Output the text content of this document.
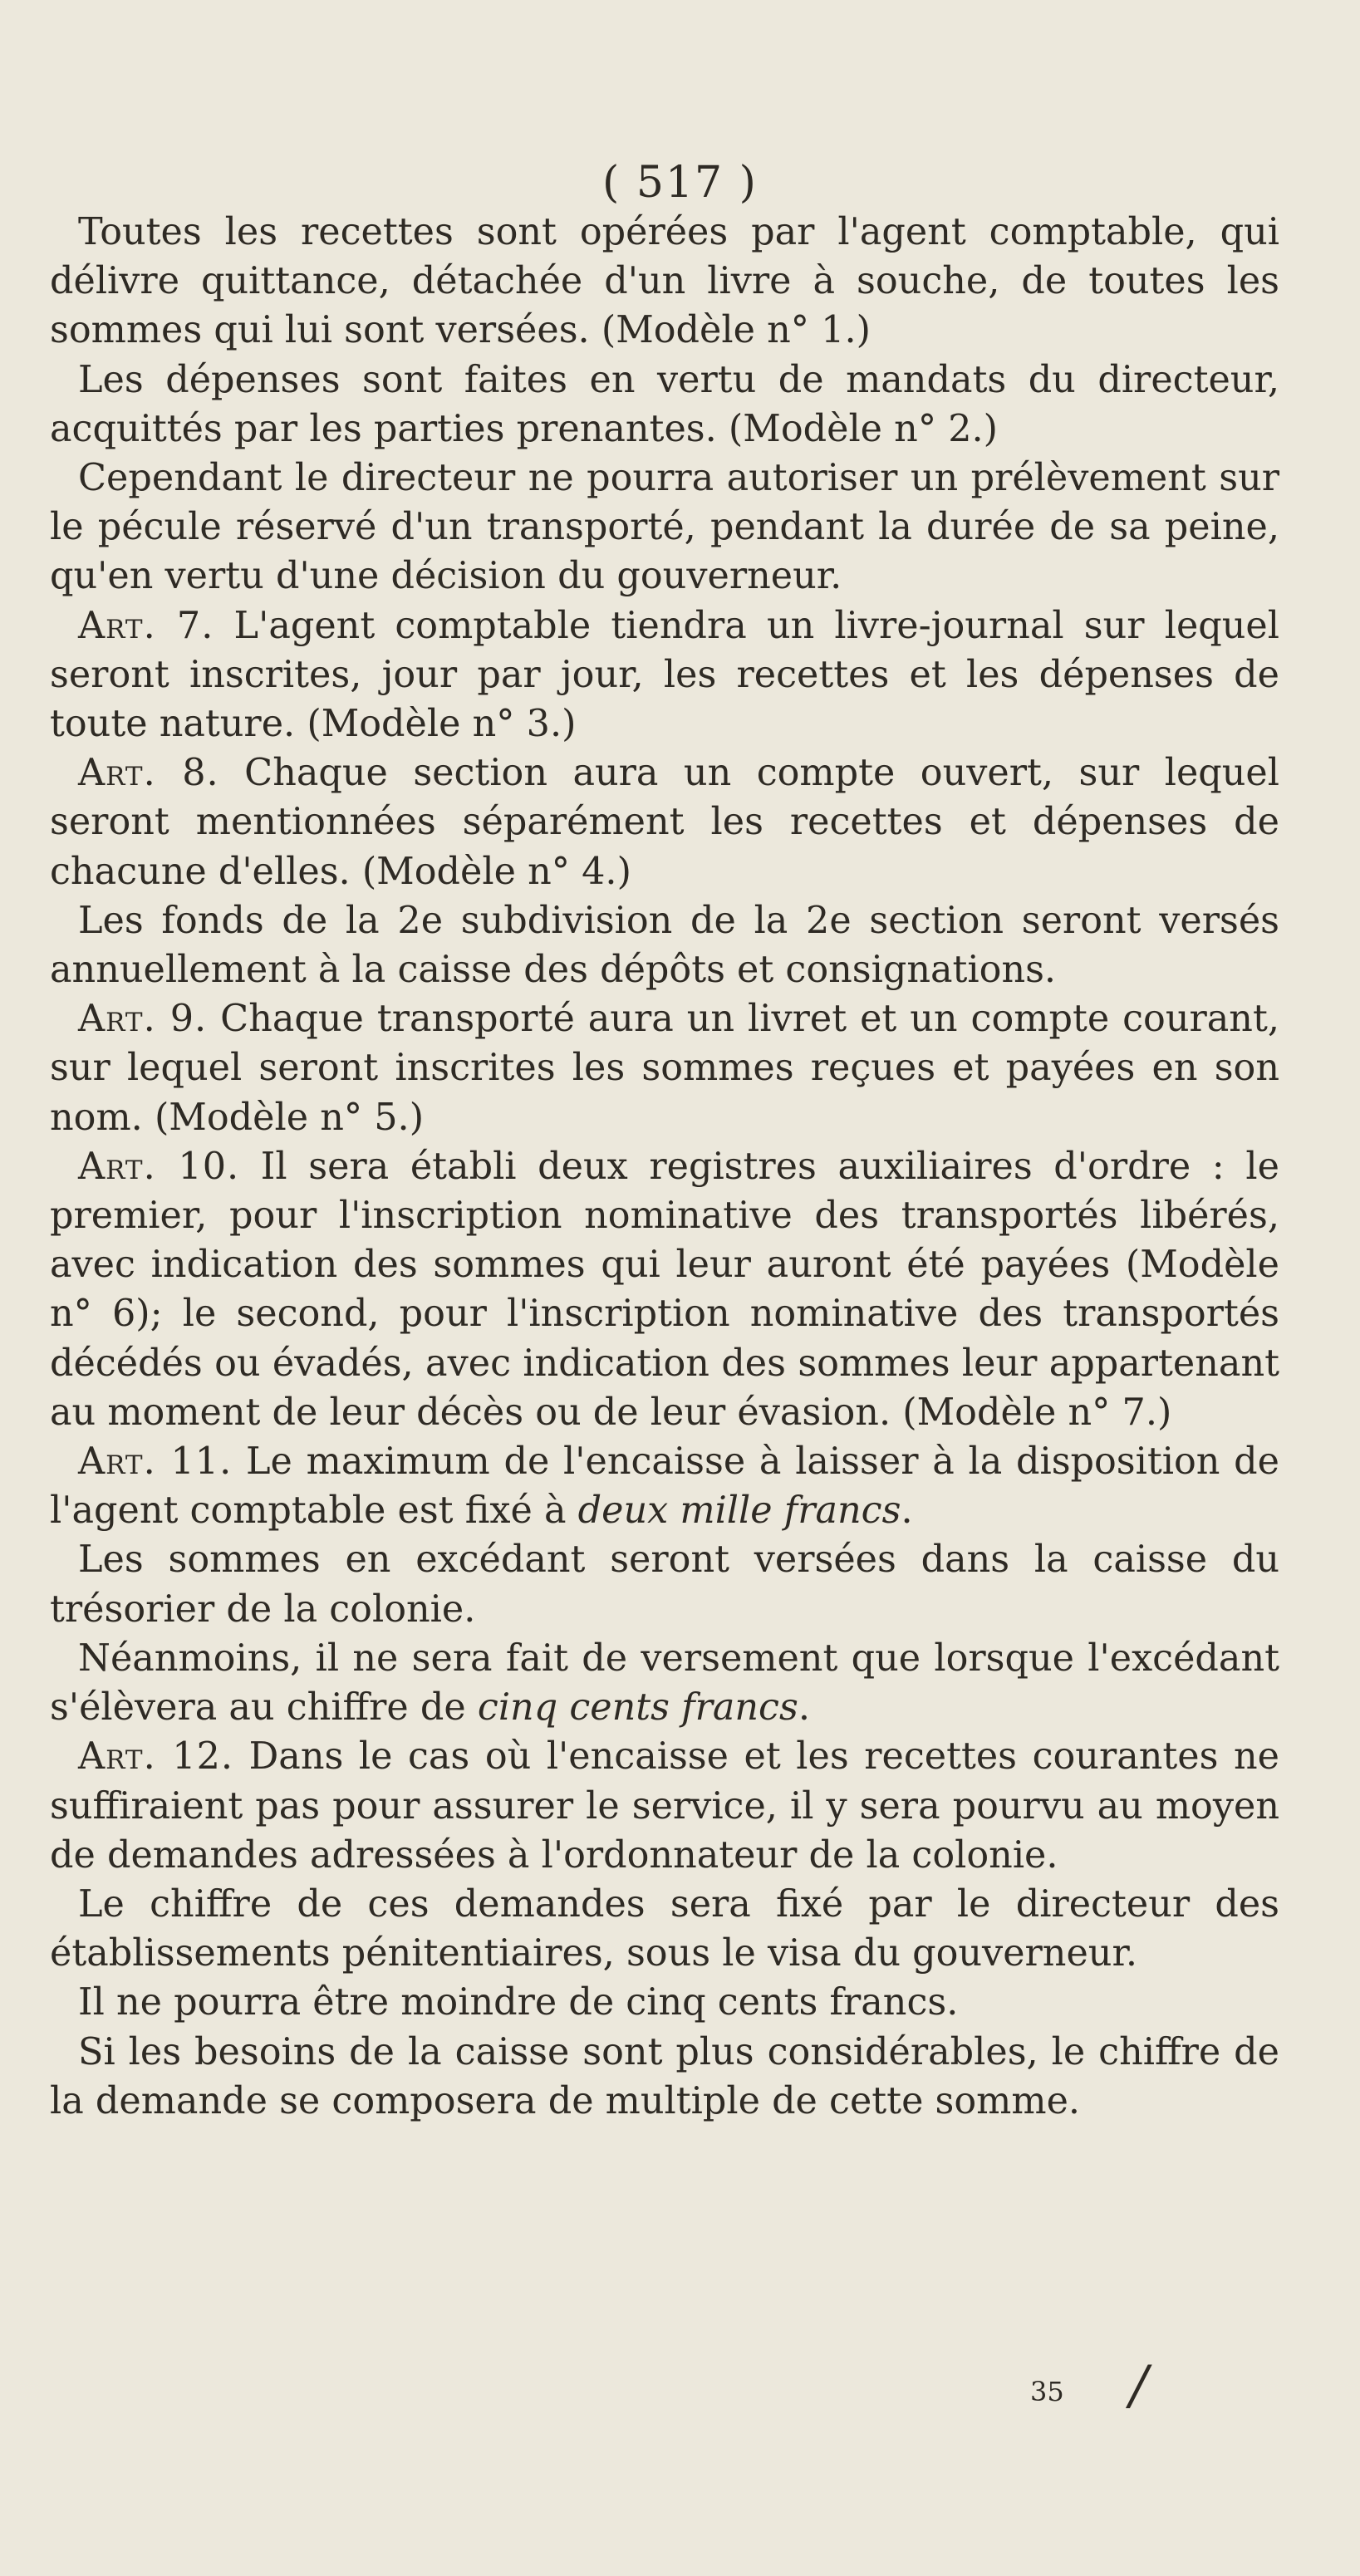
( 517 )

Toutes les recettes sont opérées par l'agent comptable, qui délivre quittance, détachée d'un livre à souche, de toutes les sommes qui lui sont versées. (Modèle n° 1.)

Les dépenses sont faites en vertu de mandats du directeur, acquittés par les parties prenantes. (Modèle n° 2.)

Cependant le directeur ne pourra autoriser un prélèvement sur le pécule réservé d'un transporté, pendant la durée de sa peine, qu'en vertu d'une décision du gouverneur.

Art. 7. L'agent comptable tiendra un livre-journal sur lequel seront inscrites, jour par jour, les recettes et les dépenses de toute nature. (Modèle n° 3.)

Art. 8. Chaque section aura un compte ouvert, sur lequel seront mentionnées séparément les recettes et dépenses de chacune d'elles. (Modèle n° 4.)

Les fonds de la 2e subdivision de la 2e section seront versés annuellement à la caisse des dépôts et consignations.

Art. 9. Chaque transporté aura un livret et un compte courant, sur lequel seront inscrites les sommes reçues et payées en son nom. (Modèle n° 5.)

Art. 10. Il sera établi deux registres auxiliaires d'ordre : le premier, pour l'inscription nominative des transportés libérés, avec indication des sommes qui leur auront été payées (Modèle n° 6); le second, pour l'inscription nominative des transportés décédés ou évadés, avec indication des sommes leur appartenant au moment de leur décès ou de leur évasion. (Modèle n° 7.)

Art. 11. Le maximum de l'encaisse à laisser à la disposition de l'agent comptable est fixé à deux mille francs.

Les sommes en excédant seront versées dans la caisse du trésorier de la colonie.

Néanmoins, il ne sera fait de versement que lorsque l'excédant s'élèvera au chiffre de cinq cents francs.

Art. 12. Dans le cas où l'encaisse et les recettes courantes ne suffiraient pas pour assurer le service, il y sera pourvu au moyen de demandes adressées à l'ordonnateur de la colonie.

Le chiffre de ces demandes sera fixé par le directeur des établissements pénitentiaires, sous le visa du gouverneur.

Il ne pourra être moindre de cinq cents francs.

Si les besoins de la caisse sont plus considérables, le chiffre de la demande se composera de multiple de cette somme.

35 /
